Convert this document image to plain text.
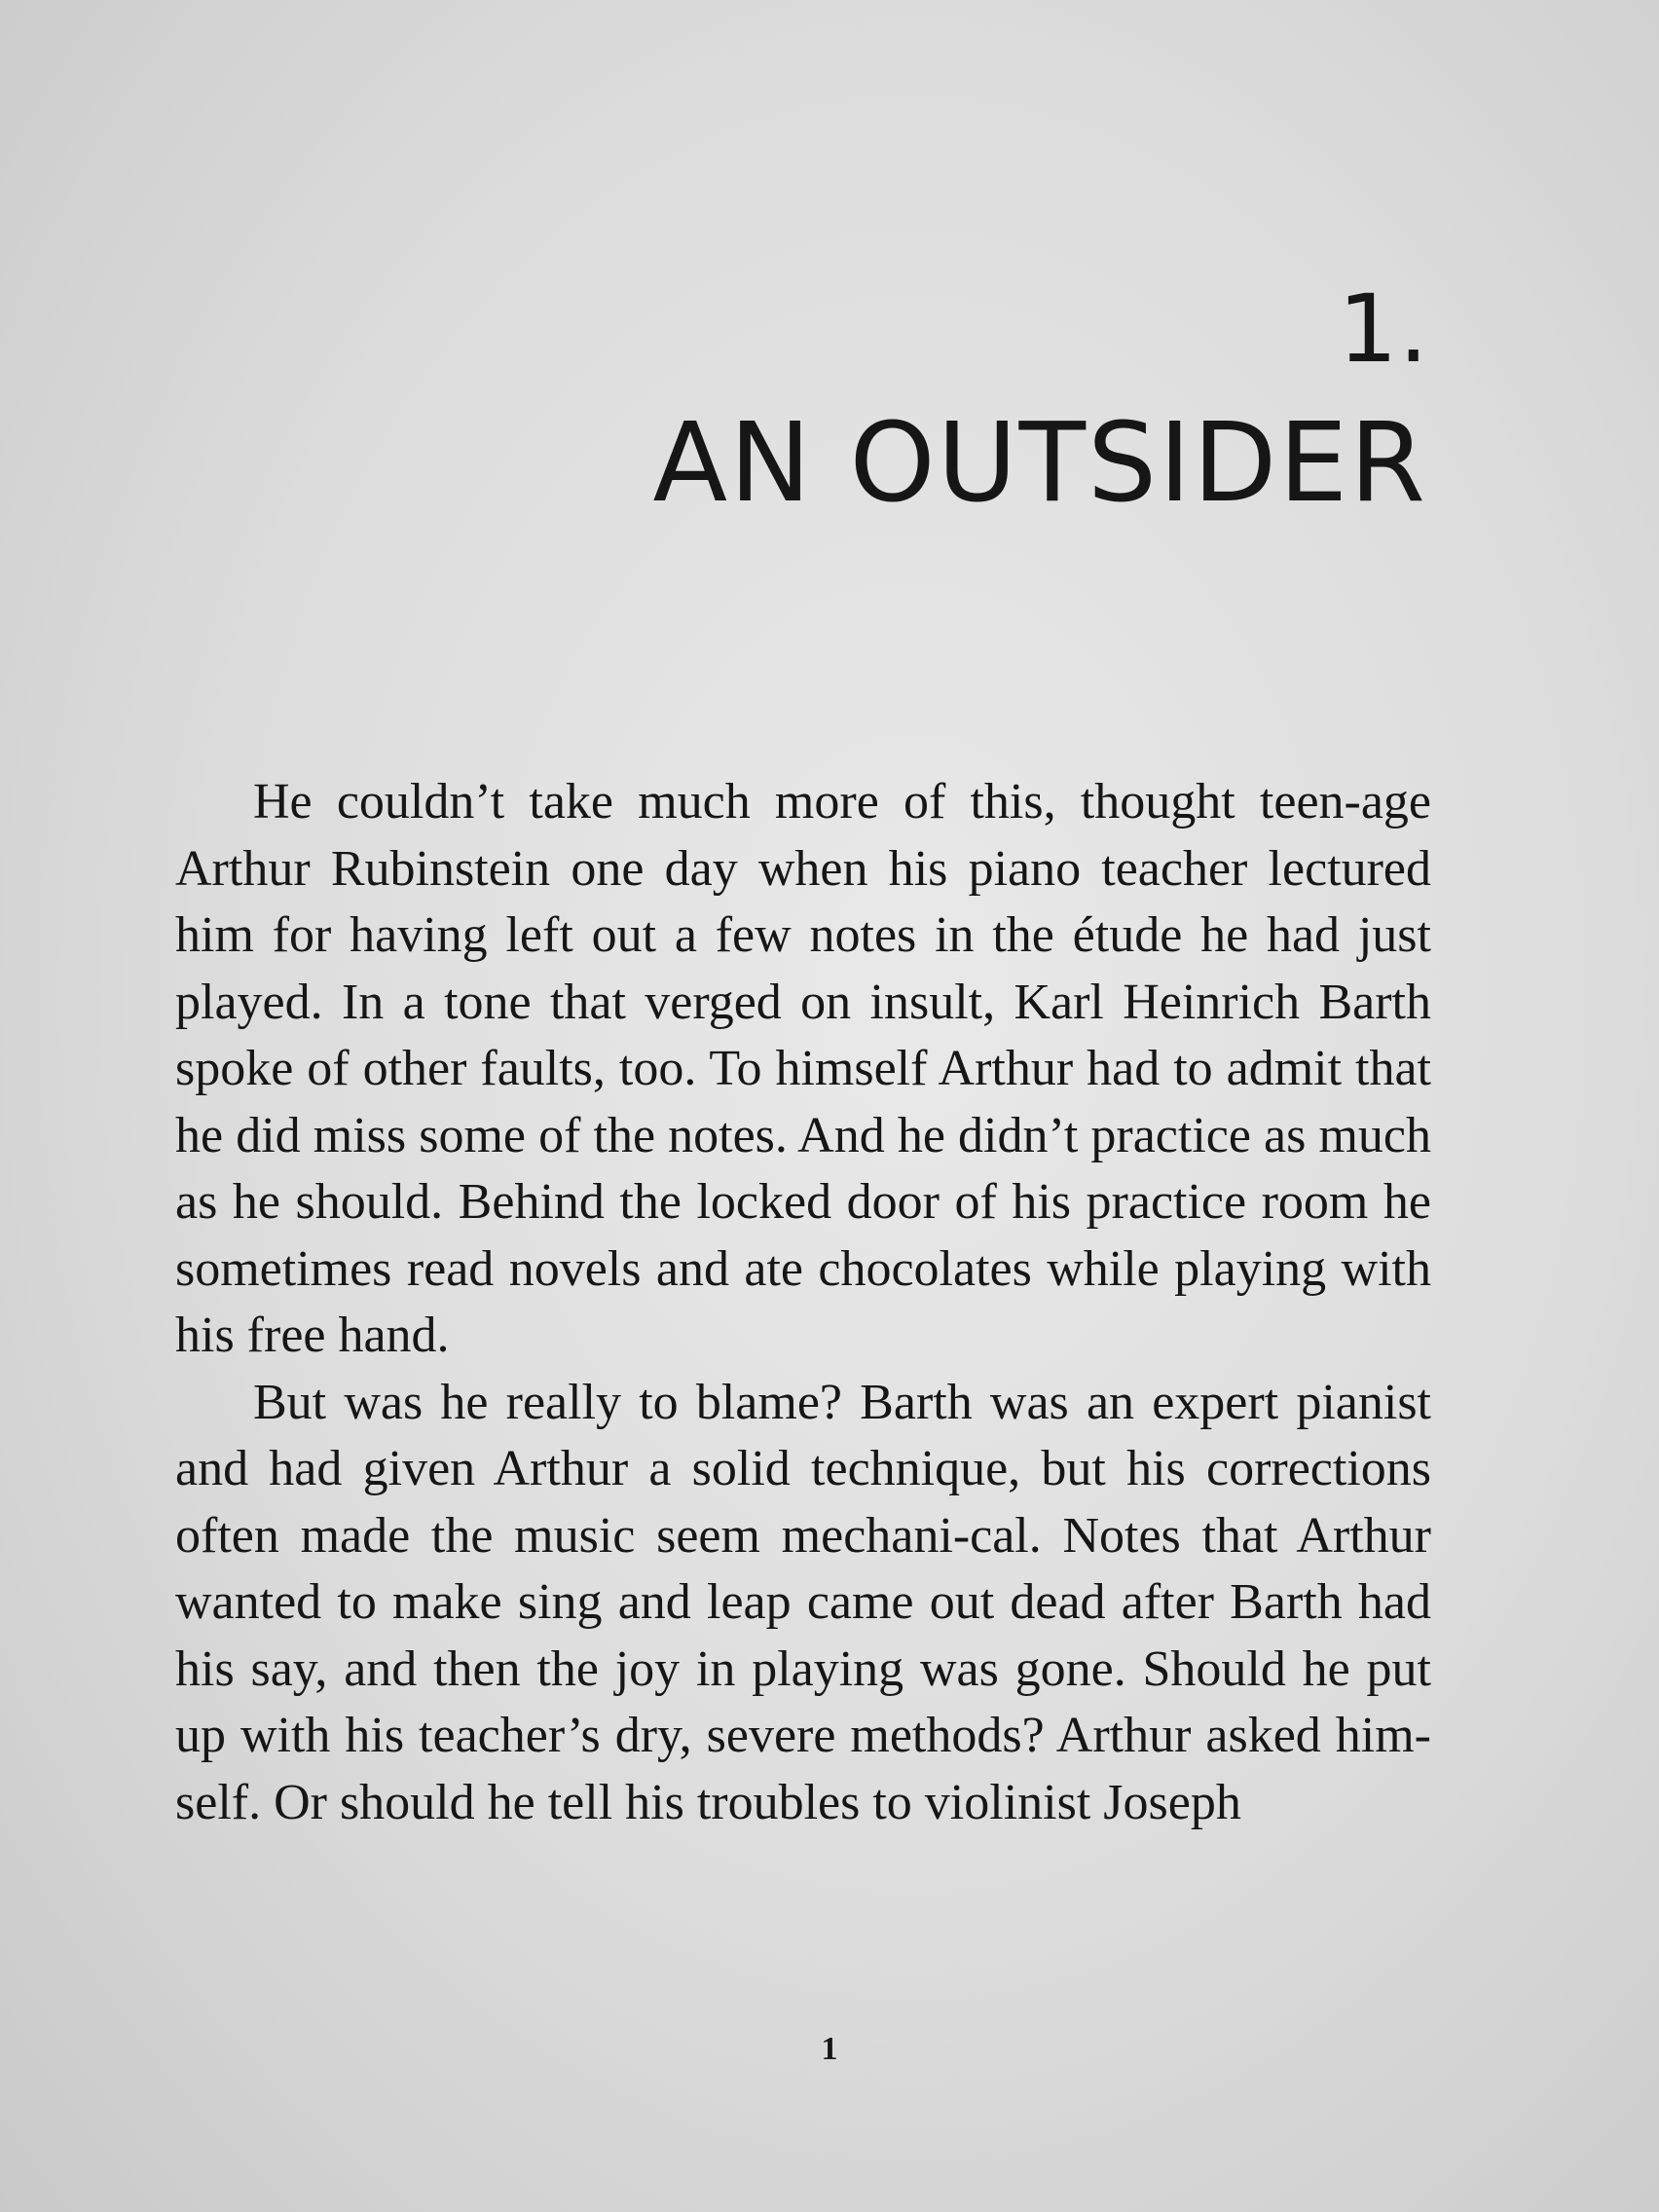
1.
AN OUTSIDER

He couldn’t take much more of this, thought teen-age Arthur Rubinstein one day when his piano teacher lectured him for having left out a few notes in the étude he had just played. In a tone that verged on insult, Karl Heinrich Barth spoke of other faults, too. To himself Arthur had to admit that he did miss some of the notes. And he didn’t practice as much as he should. Behind the locked door of his practice room he sometimes read novels and ate chocolates while playing with his free hand.

But was he really to blame? Barth was an expert pianist and had given Arthur a solid technique, but his corrections often made the music seem mechani-cal. Notes that Arthur wanted to make sing and leap came out dead after Barth had his say, and then the joy in playing was gone. Should he put up with his teacher’s dry, severe methods? Arthur asked him-self. Or should he tell his troubles to violinist Joseph

1
